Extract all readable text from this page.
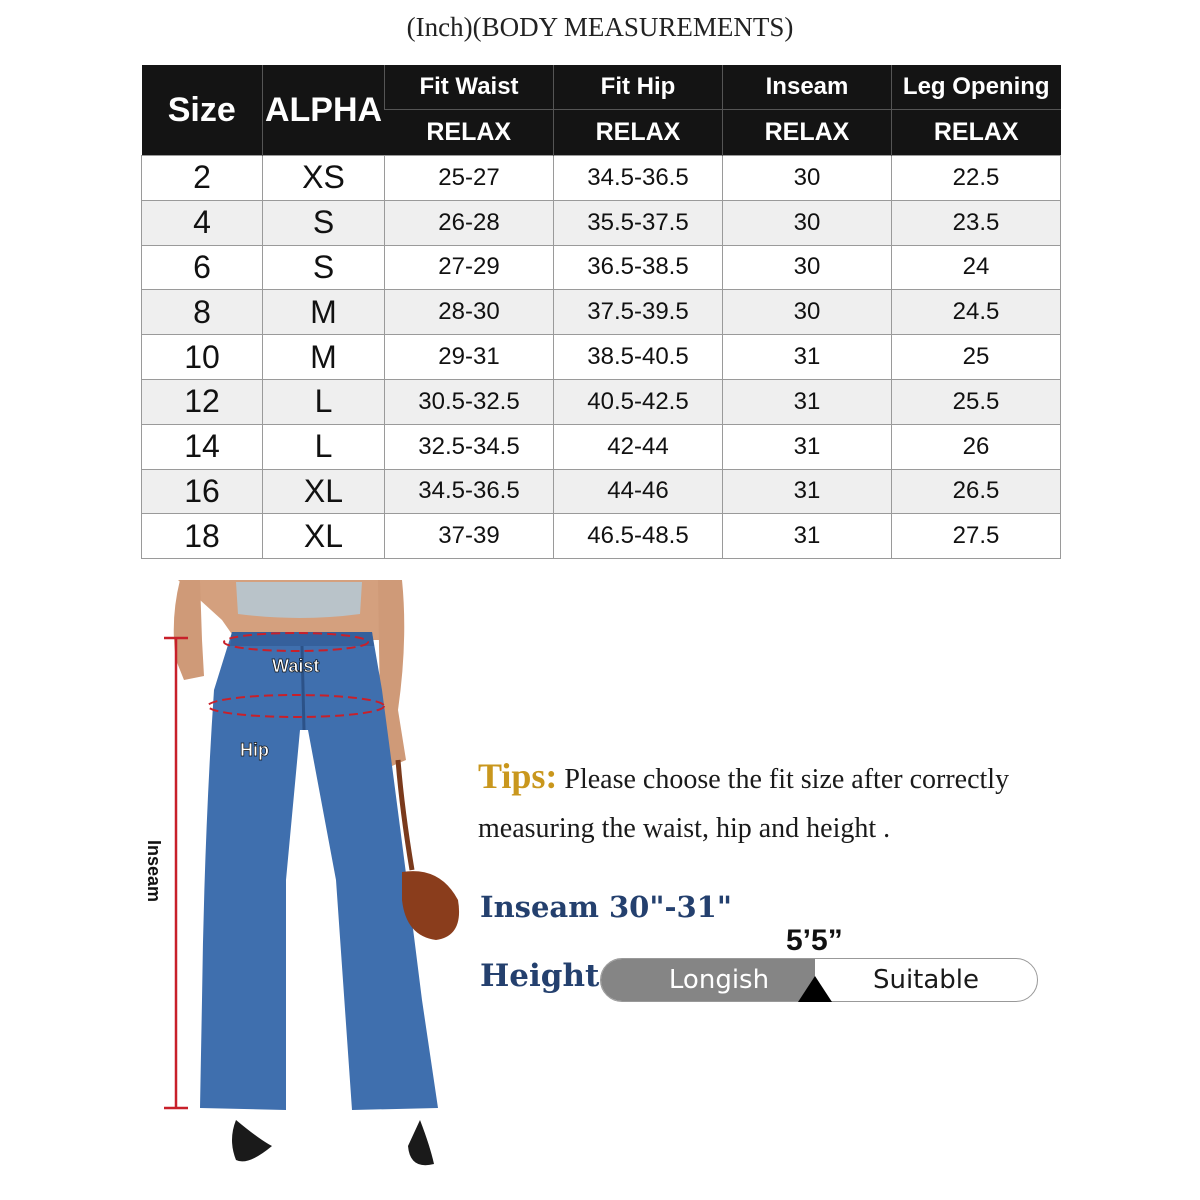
(Inch)(BODY MEASUREMENTS)
Size	ALPHA	Fit Waist	Fit Hip	Inseam	Leg Opening
		RELAX	RELAX	RELAX	RELAX
2	XS	25-27	34.5-36.5	30	22.5
4	S	26-28	35.5-37.5	30	23.5
6	S	27-29	36.5-38.5	30	24
8	M	28-30	37.5-39.5	30	24.5
10	M	29-31	38.5-40.5	31	25
12	L	30.5-32.5	40.5-42.5	31	25.5
14	L	32.5-34.5	42-44	31	26
16	XL	34.5-36.5	44-46	31	26.5
18	XL	37-39	46.5-48.5	31	27.5
Waist
Hip
Inseam
Tips: Please choose the fit size after correctly measuring the waist, hip and height .
Inseam 30"-31"
Height
5’5”
Longish	Suitable
